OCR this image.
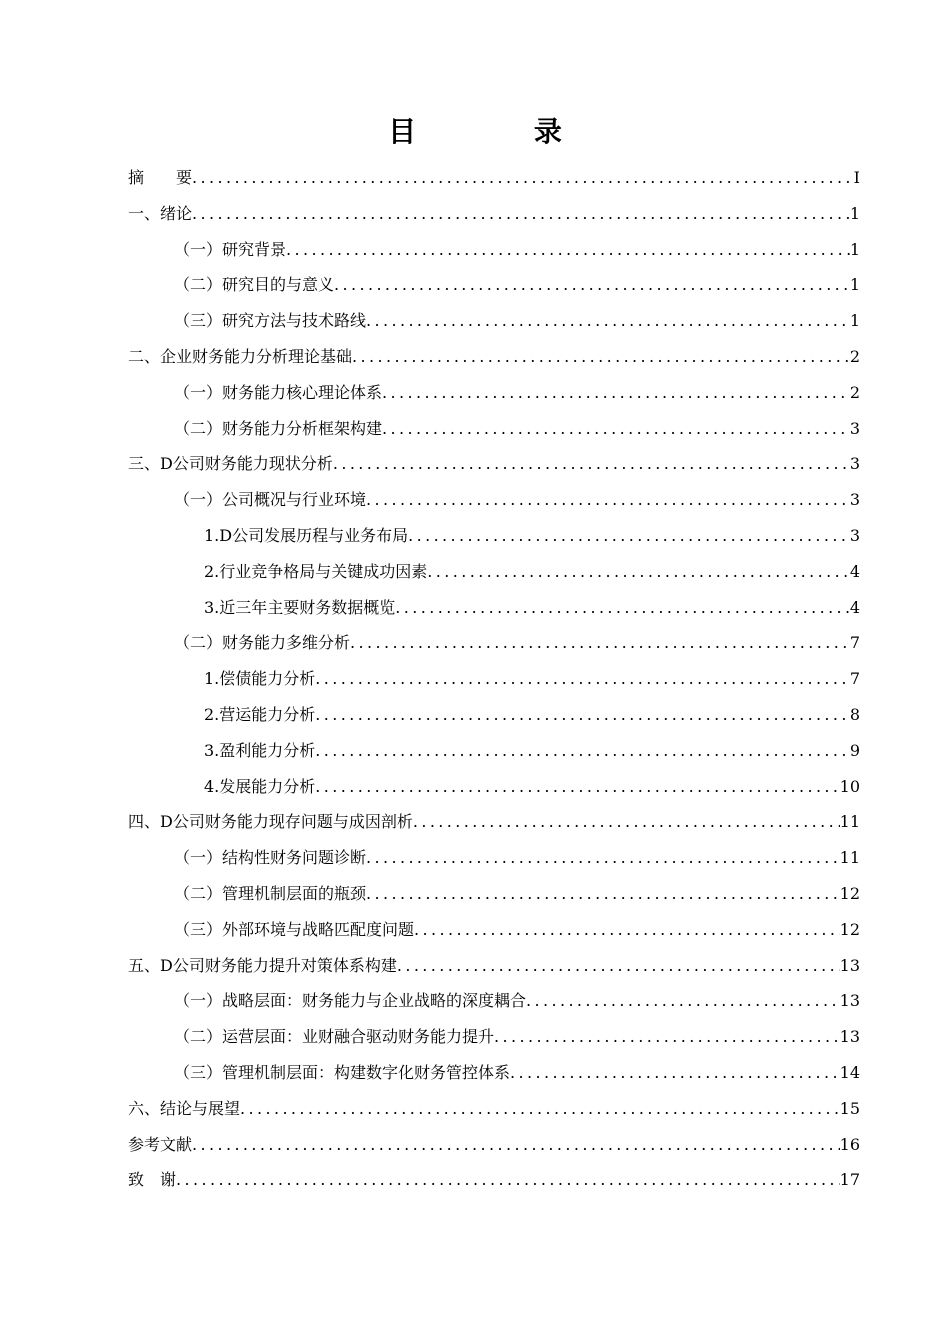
目 录
摘　　要 .....	I
一、绪论 .....	1
（一）研究背景 .....	1
（二）研究目的与意义 .....	1
（三）研究方法与技术路线 .....	1
二、企业财务能力分析理论基础 .....	2
（一）财务能力核心理论体系 .....	2
（二）财务能力分析框架构建 .....	3
三、D公司财务能力现状分析 .....	3
（一）公司概况与行业环境 .....	3
1.D公司发展历程与业务布局 .....	3
2.行业竞争格局与关键成功因素 .....	4
3.近三年主要财务数据概览 .....	4
（二）财务能力多维分析 .....	7
1.偿债能力分析 .....	7
2.营运能力分析 .....	8
3.盈利能力分析 .....	9
4.发展能力分析 .....	10
四、D公司财务能力现存问题与成因剖析 .....	11
（一）结构性财务问题诊断 .....	11
（二）管理机制层面的瓶颈 .....	12
（三）外部环境与战略匹配度问题 .....	12
五、D公司财务能力提升对策体系构建 .....	13
（一）战略层面：财务能力与企业战略的深度耦合 .....	13
（二）运营层面：业财融合驱动财务能力提升 .....	13
（三）管理机制层面：构建数字化财务管控体系 .....	14
六、结论与展望 .....	15
参考文献 .....	16
致　谢 .....	17
